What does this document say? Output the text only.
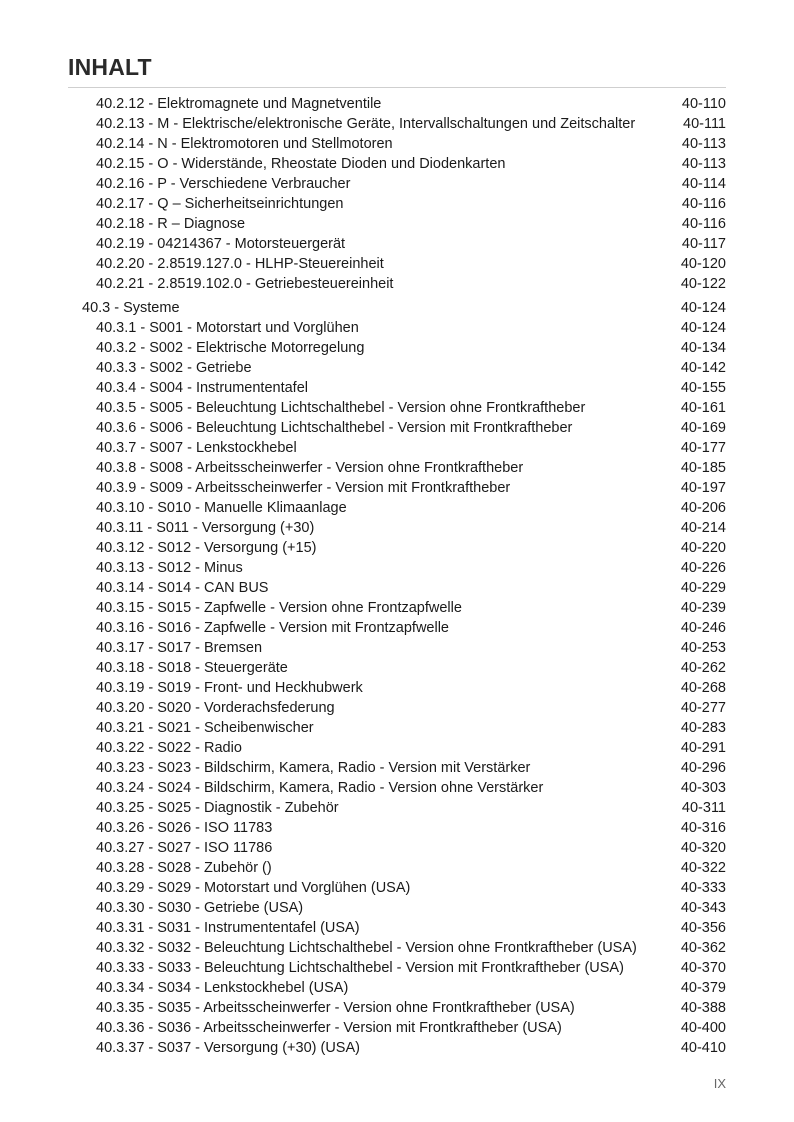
INHALT
40.2.12 - Elektromagnete und Magnetventile	40-110
40.2.13 - M - Elektrische/elektronische Geräte, Intervallschaltungen und Zeitschalter	40-111
40.2.14 - N - Elektromotoren und Stellmotoren	40-113
40.2.15 - O - Widerstände, Rheostate Dioden und Diodenkarten	40-113
40.2.16 - P - Verschiedene Verbraucher	40-114
40.2.17 - Q – Sicherheitseinrichtungen	40-116
40.2.18 - R – Diagnose	40-116
40.2.19 - 04214367 - Motorsteuergerät	40-117
40.2.20 - 2.8519.127.0 - HLHP-Steuereinheit	40-120
40.2.21 - 2.8519.102.0 - Getriebesteuereinheit	40-122
40.3 - Systeme	40-124
40.3.1 - S001 - Motorstart und Vorglühen	40-124
40.3.2 - S002 - Elektrische Motorregelung	40-134
40.3.3 - S002 - Getriebe	40-142
40.3.4 - S004 - Instrumententafel	40-155
40.3.5 - S005 - Beleuchtung Lichtschalthebel - Version ohne Frontkraftheber	40-161
40.3.6 - S006 - Beleuchtung Lichtschalthebel - Version mit Frontkraftheber	40-169
40.3.7 - S007 - Lenkstockhebel	40-177
40.3.8 - S008 - Arbeitsscheinwerfer - Version ohne Frontkraftheber	40-185
40.3.9 - S009 - Arbeitsscheinwerfer - Version mit Frontkraftheber	40-197
40.3.10 - S010 - Manuelle Klimaanlage	40-206
40.3.11 - S011 - Versorgung (+30)	40-214
40.3.12 - S012 - Versorgung (+15)	40-220
40.3.13 - S012 - Minus	40-226
40.3.14 - S014 - CAN BUS	40-229
40.3.15 - S015 - Zapfwelle - Version ohne Frontzapfwelle	40-239
40.3.16 - S016 - Zapfwelle - Version mit Frontzapfwelle	40-246
40.3.17 - S017 - Bremsen	40-253
40.3.18 - S018 - Steuergeräte	40-262
40.3.19 - S019 - Front- und Heckhubwerk	40-268
40.3.20 - S020 - Vorderachsfederung	40-277
40.3.21 - S021 - Scheibenwischer	40-283
40.3.22 - S022 - Radio	40-291
40.3.23 - S023 - Bildschirm, Kamera, Radio - Version mit Verstärker	40-296
40.3.24 - S024 - Bildschirm, Kamera, Radio - Version ohne Verstärker	40-303
40.3.25 - S025 - Diagnostik - Zubehör	40-311
40.3.26 - S026 - ISO 11783	40-316
40.3.27 - S027 - ISO 11786	40-320
40.3.28 - S028 - Zubehör ()	40-322
40.3.29 - S029 - Motorstart und Vorglühen (USA)	40-333
40.3.30 - S030 - Getriebe (USA)	40-343
40.3.31 - S031 - Instrumententafel (USA)	40-356
40.3.32 - S032 - Beleuchtung Lichtschalthebel - Version ohne Frontkraftheber (USA)	40-362
40.3.33 - S033 - Beleuchtung Lichtschalthebel - Version mit Frontkraftheber (USA)	40-370
40.3.34 - S034 - Lenkstockhebel (USA)	40-379
40.3.35 - S035 - Arbeitsscheinwerfer - Version ohne Frontkraftheber (USA)	40-388
40.3.36 - S036 - Arbeitsscheinwerfer - Version mit Frontkraftheber (USA)	40-400
40.3.37 - S037 - Versorgung (+30) (USA)	40-410
IX
